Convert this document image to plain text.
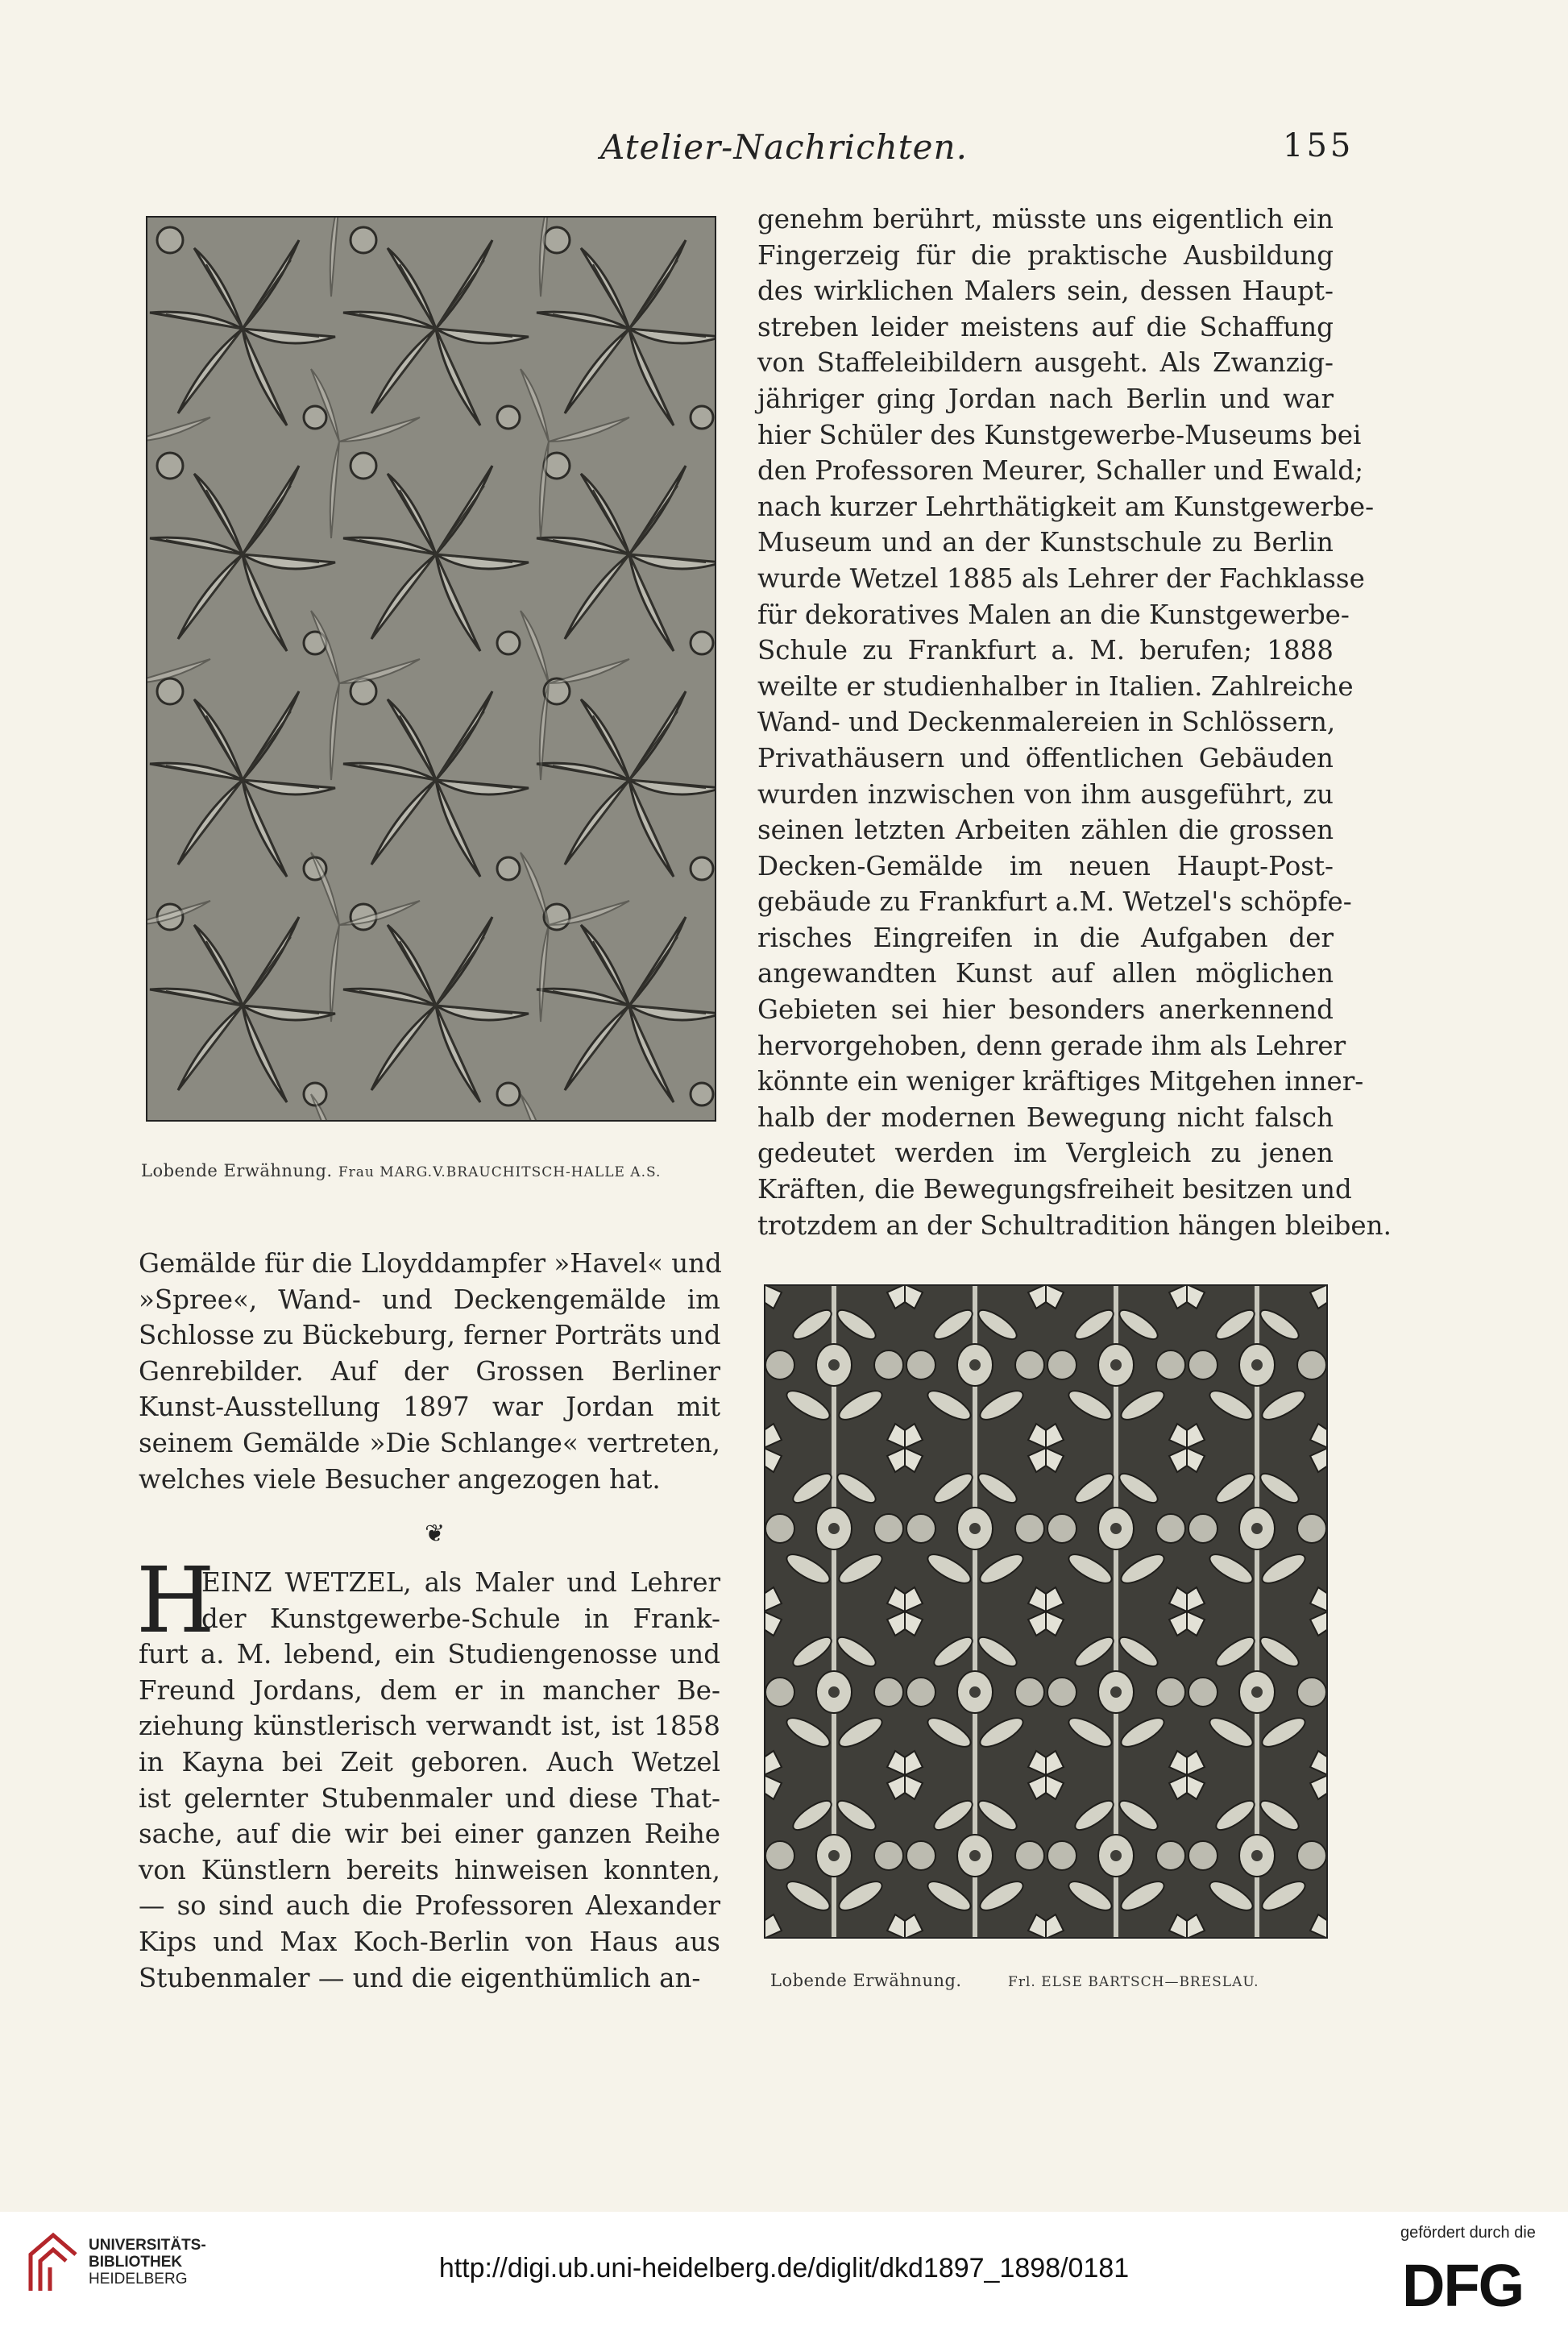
Atelier-Nachrichten.	155
Lobende Erwähnung. Frau MARG.V.BRAUCHITSCH-HALLE A.S.

Gemälde für die Lloyddampfer »Havel« und

»Spree«, Wand- und Deckengemälde im

Schlosse zu Bückeburg, ferner Porträts und

Genrebilder. Auf der Grossen Berliner

Kunst-Ausstellung 1897 war Jordan mit

seinem Gemälde »Die Schlange« vertreten,

welches viele Besucher angezogen hat.

❦
H

EINZ WETZEL, als Maler und Lehrer

der Kunstgewerbe-Schule in Frank-

furt a. M. lebend, ein Studiengenosse und

Freund Jordans, dem er in mancher Be-

ziehung künstlerisch verwandt ist, ist 1858

in Kayna bei Zeit geboren. Auch Wetzel

ist gelernter Stubenmaler und diese That-

sache, auf die wir bei einer ganzen Reihe

von Künstlern bereits hinweisen konnten,

— so sind auch die Professoren Alexander

Kips und Max Koch-Berlin von Haus aus

Stubenmaler — und die eigenthümlich an-

genehm berührt, müsste uns eigentlich ein

Fingerzeig für die praktische Ausbildung

des wirklichen Malers sein, dessen Haupt-

streben leider meistens auf die Schaffung

von Staffeleibildern ausgeht. Als Zwanzig-

jähriger ging Jordan nach Berlin und war

hier Schüler des Kunstgewerbe-Museums bei

den Professoren Meurer, Schaller und Ewald;

nach kurzer Lehrthätigkeit am Kunstgewerbe-

Museum und an der Kunstschule zu Berlin

wurde Wetzel 1885 als Lehrer der Fachklasse

für dekoratives Malen an die Kunstgewerbe-

Schule zu Frankfurt a. M. berufen; 1888

weilte er studienhalber in Italien. Zahlreiche

Wand- und Deckenmalereien in Schlössern,

Privathäusern und öffentlichen Gebäuden

wurden inzwischen von ihm ausgeführt, zu

seinen letzten Arbeiten zählen die grossen

Decken-Gemälde im neuen Haupt-Post-

gebäude zu Frankfurt a.M. Wetzel's schöpfe-

risches Eingreifen in die Aufgaben der

angewandten Kunst auf allen möglichen

Gebieten sei hier besonders anerkennend

hervorgehoben, denn gerade ihm als Lehrer

könnte ein weniger kräftiges Mitgehen inner-

halb der modernen Bewegung nicht falsch

gedeutet werden im Vergleich zu jenen

Kräften, die Bewegungsfreiheit besitzen und

trotzdem an der Schultradition hängen bleiben.

Lobende Erwähnung.	Frl. ELSE BARTSCH—BRESLAU.
UNIVERSITÄTS-
BIBLIOTHEK
HEIDELBERG	http://digi.ub.uni-heidelberg.de/diglit/dkd1897_1898/0181
gefördert durch die
DFG
